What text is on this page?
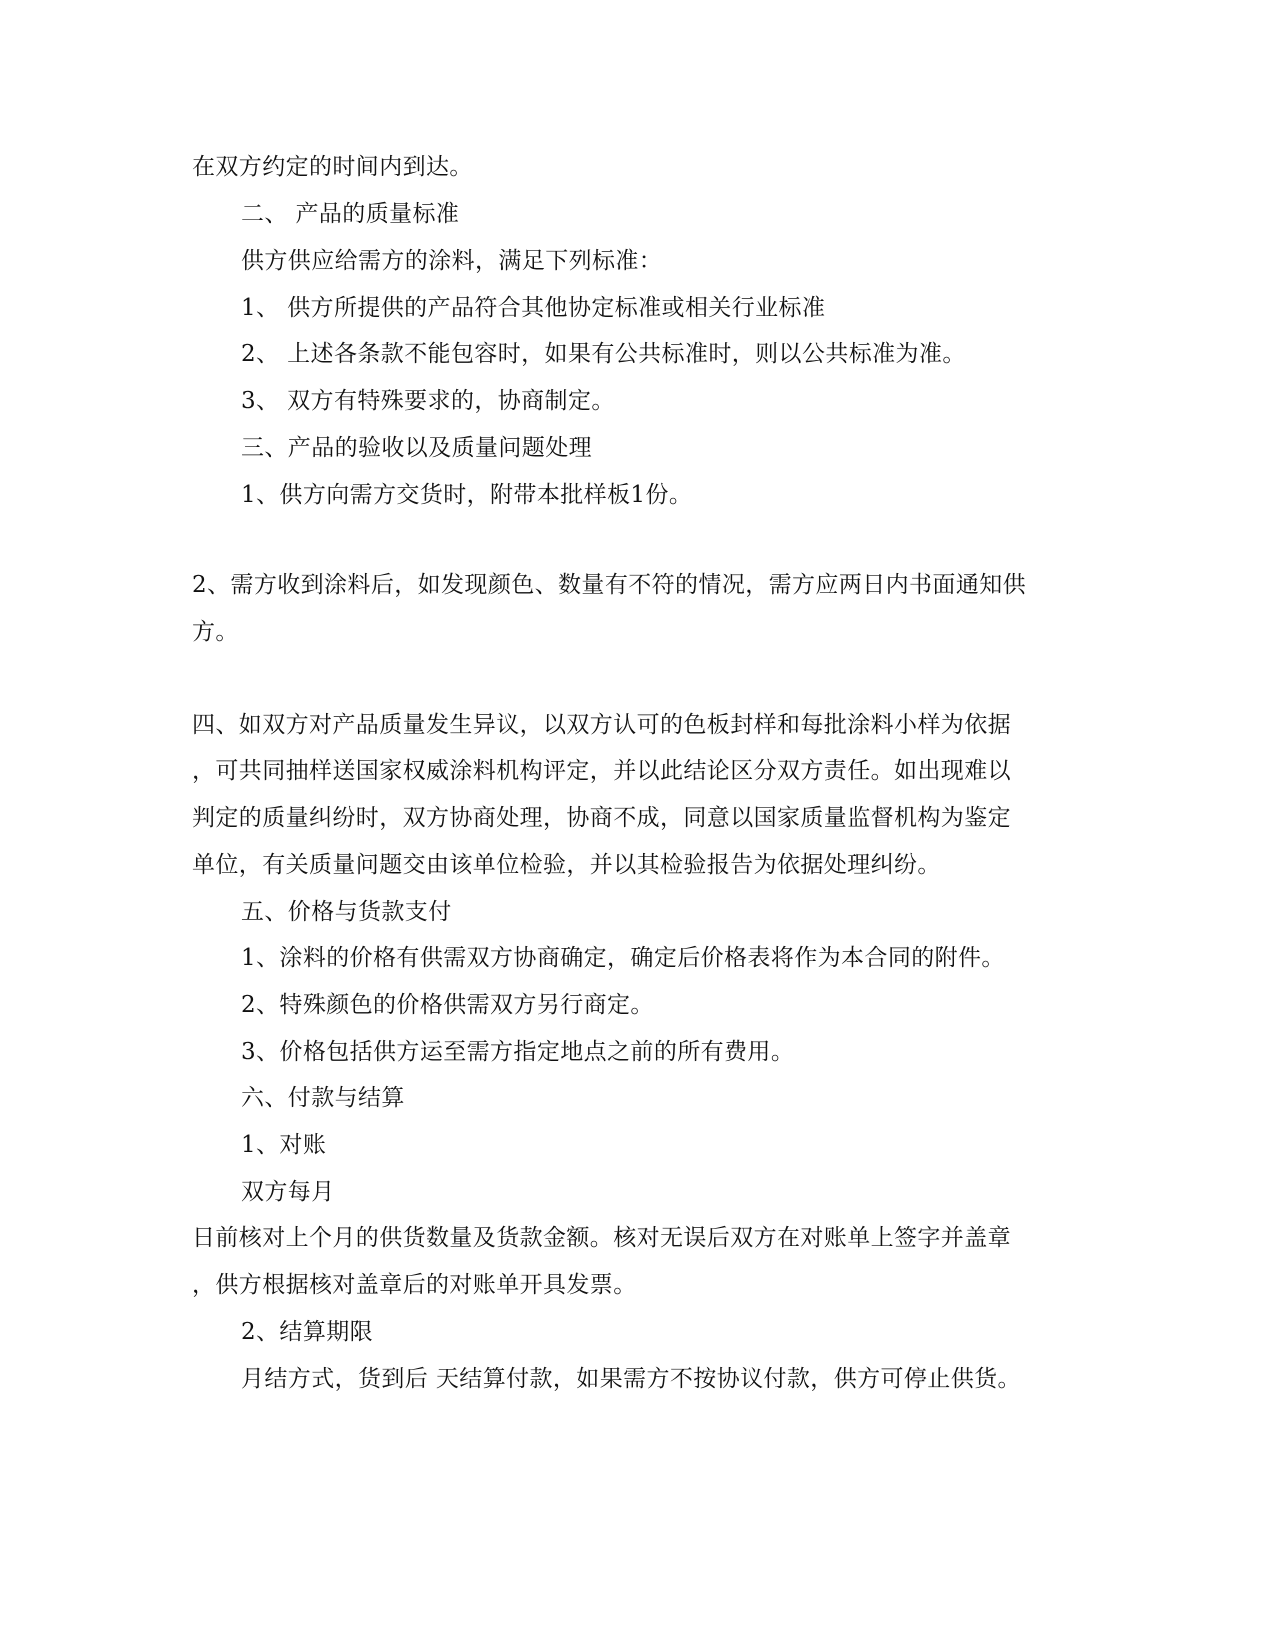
在双方约定的时间内到达。
二、 产品的质量标准
供方供应给需方的涂料，满足下列标准：
1、 供方所提供的产品符合其他协定标准或相关行业标准
2、 上述各条款不能包容时，如果有公共标准时，则以公共标准为准。
3、 双方有特殊要求的，协商制定。
三、产品的验收以及质量问题处理
1、供方向需方交货时，附带本批样板1份。
2、需方收到涂料后，如发现颜色、数量有不符的情况，需方应两日内书面通知供
方。
四、如双方对产品质量发生异议，以双方认可的色板封样和每批涂料小样为依据
，可共同抽样送国家权威涂料机构评定，并以此结论区分双方责任。如出现难以
判定的质量纠纷时，双方协商处理，协商不成，同意以国家质量监督机构为鉴定
单位，有关质量问题交由该单位检验，并以其检验报告为依据处理纠纷。
五、价格与货款支付
1、涂料的价格有供需双方协商确定，确定后价格表将作为本合同的附件。
2、特殊颜色的价格供需双方另行商定。
3、价格包括供方运至需方指定地点之前的所有费用。
六、付款与结算
1、对账
双方每月
日前核对上个月的供货数量及货款金额。核对无误后双方在对账单上签字并盖章
，供方根据核对盖章后的对账单开具发票。
2、结算期限
月结方式，货到后 天结算付款，如果需方不按协议付款，供方可停止供货。
